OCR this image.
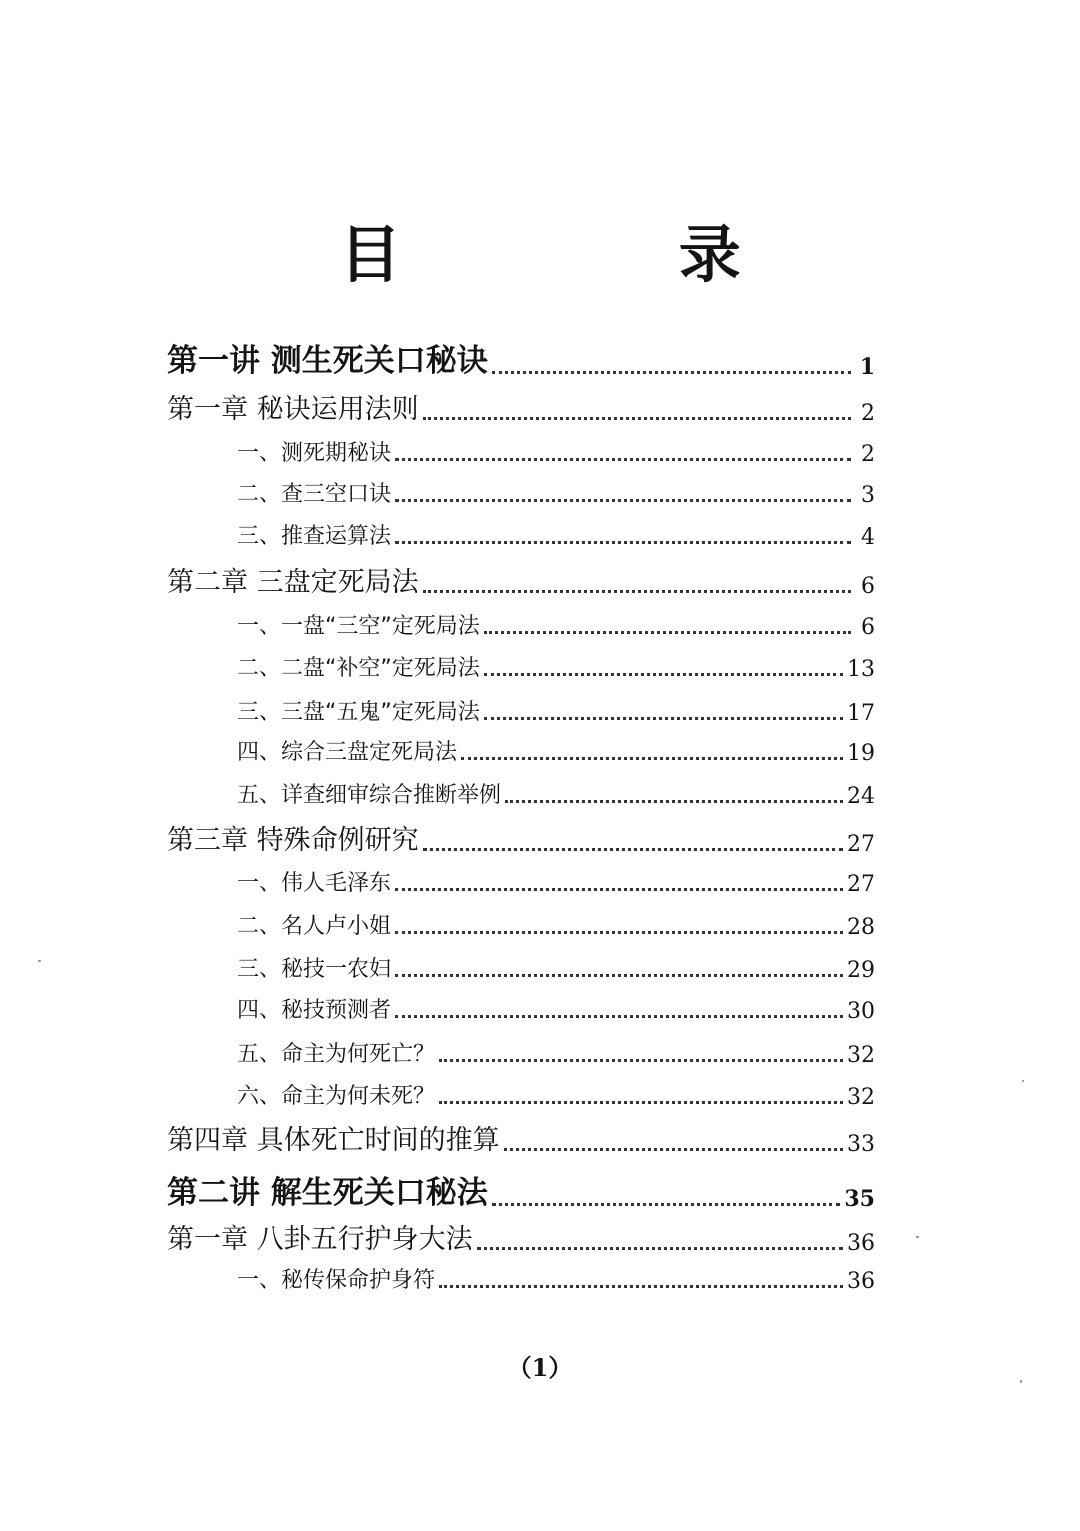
目 录
第一讲 测生死关口秘诀	1
第一章 秘诀运用法则	2
一、测死期秘诀	2
二、查三空口诀	3
三、推查运算法	4
第二章 三盘定死局法	6
一、一盘“三空”定死局法	6
二、二盘“补空”定死局法	13
三、三盘“五鬼”定死局法	17
四、综合三盘定死局法	19
五、详查细审综合推断举例	24
第三章 特殊命例研究	27
一、伟人毛泽东	27
二、名人卢小姐	28
三、秘技一农妇	29
四、秘技预测者	30
五、命主为何死亡？	32
六、命主为何未死？	32
第四章 具体死亡时间的推算	33
第二讲 解生死关口秘法	35
第一章 八卦五行护身大法	36
一、秘传保命护身符	36
（1）
